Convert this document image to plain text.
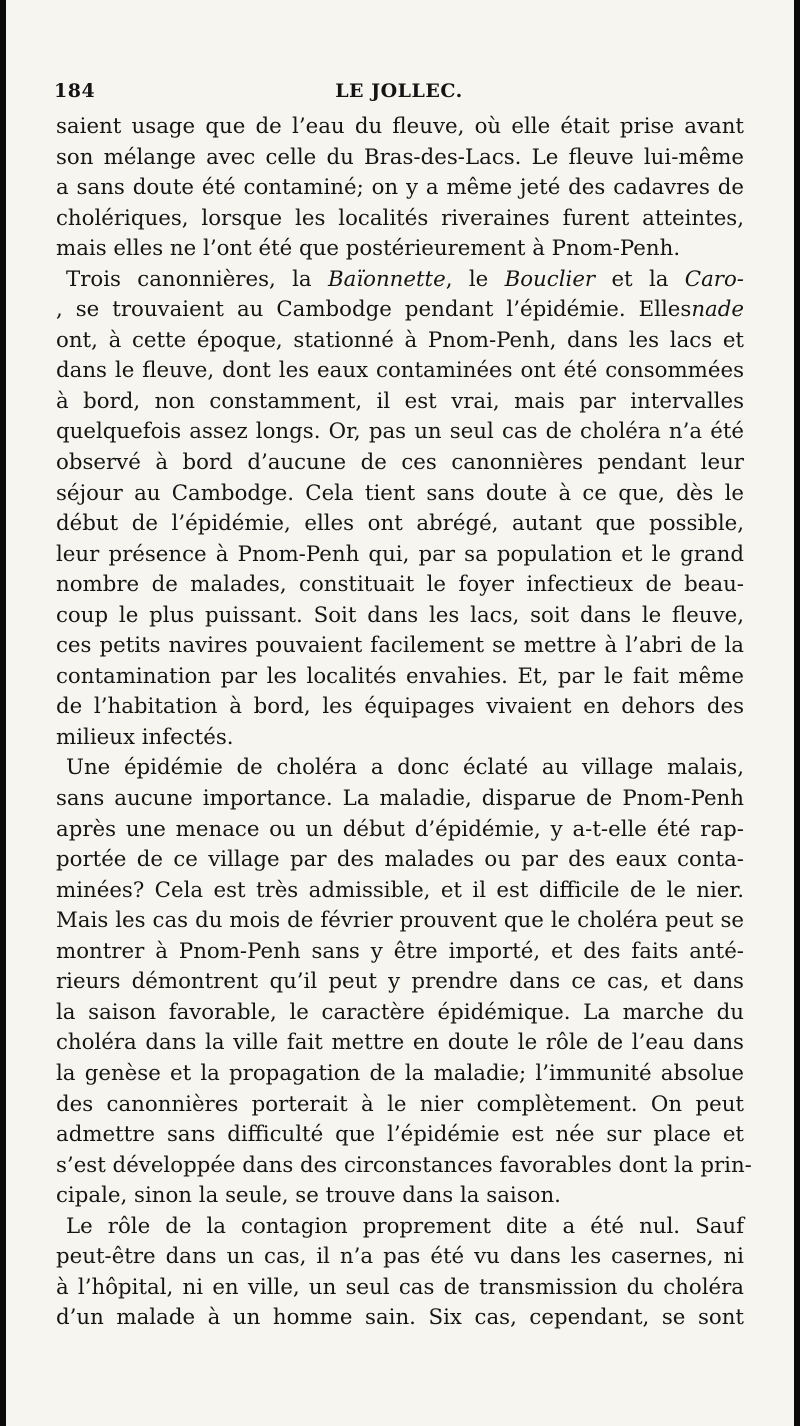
184	LE JOLLEC.
saient usage que de l’eau du fleuve, où elle était prise avant
son mélange avec celle du Bras-des-Lacs. Le fleuve lui-même
a sans doute été contaminé; on y a même jeté des cadavres de
cholériques, lorsque les localités riveraines furent atteintes,
mais elles ne l’ont été que postérieurement à Pnom-Penh.
Trois canonnières, la Baïonnette, le Bouclier et la Caro-
, se trouvaient au Cambodge pendant l’épidémie. Ellesnade
ont, à cette époque, stationné à Pnom-Penh, dans les lacs et
dans le fleuve, dont les eaux contaminées ont été consommées
à bord, non constamment, il est vrai, mais par intervalles
quelquefois assez longs. Or, pas un seul cas de choléra n’a été
observé à bord d’aucune de ces canonnières pendant leur
séjour au Cambodge. Cela tient sans doute à ce que, dès le
début de l’épidémie, elles ont abrégé, autant que possible,
leur présence à Pnom-Penh qui, par sa population et le grand
nombre de malades, constituait le foyer infectieux de beau-
coup le plus puissant. Soit dans les lacs, soit dans le fleuve,
ces petits navires pouvaient facilement se mettre à l’abri de la
contamination par les localités envahies. Et, par le fait même
de l’habitation à bord, les équipages vivaient en dehors des
milieux infectés.
Une épidémie de choléra a donc éclaté au village malais,
sans aucune importance. La maladie, disparue de Pnom-Penh
après une menace ou un début d’épidémie, y a-t-elle été rap-
portée de ce village par des malades ou par des eaux conta-
minées? Cela est très admissible, et il est difficile de le nier.
Mais les cas du mois de février prouvent que le choléra peut se
montrer à Pnom-Penh sans y être importé, et des faits anté-
rieurs démontrent qu’il peut y prendre dans ce cas, et dans
la saison favorable, le caractère épidémique. La marche du
choléra dans la ville fait mettre en doute le rôle de l’eau dans
la genèse et la propagation de la maladie; l’immunité absolue
des canonnières porterait à le nier complètement. On peut
admettre sans difficulté que l’épidémie est née sur place et
s’est développée dans des circonstances favorables dont la prin-
cipale, sinon la seule, se trouve dans la saison.
Le rôle de la contagion proprement dite a été nul. Sauf
peut-être dans un cas, il n’a pas été vu dans les casernes, ni
à l’hôpital, ni en ville, un seul cas de transmission du choléra
d’un malade à un homme sain. Six cas, cependant, se sont
